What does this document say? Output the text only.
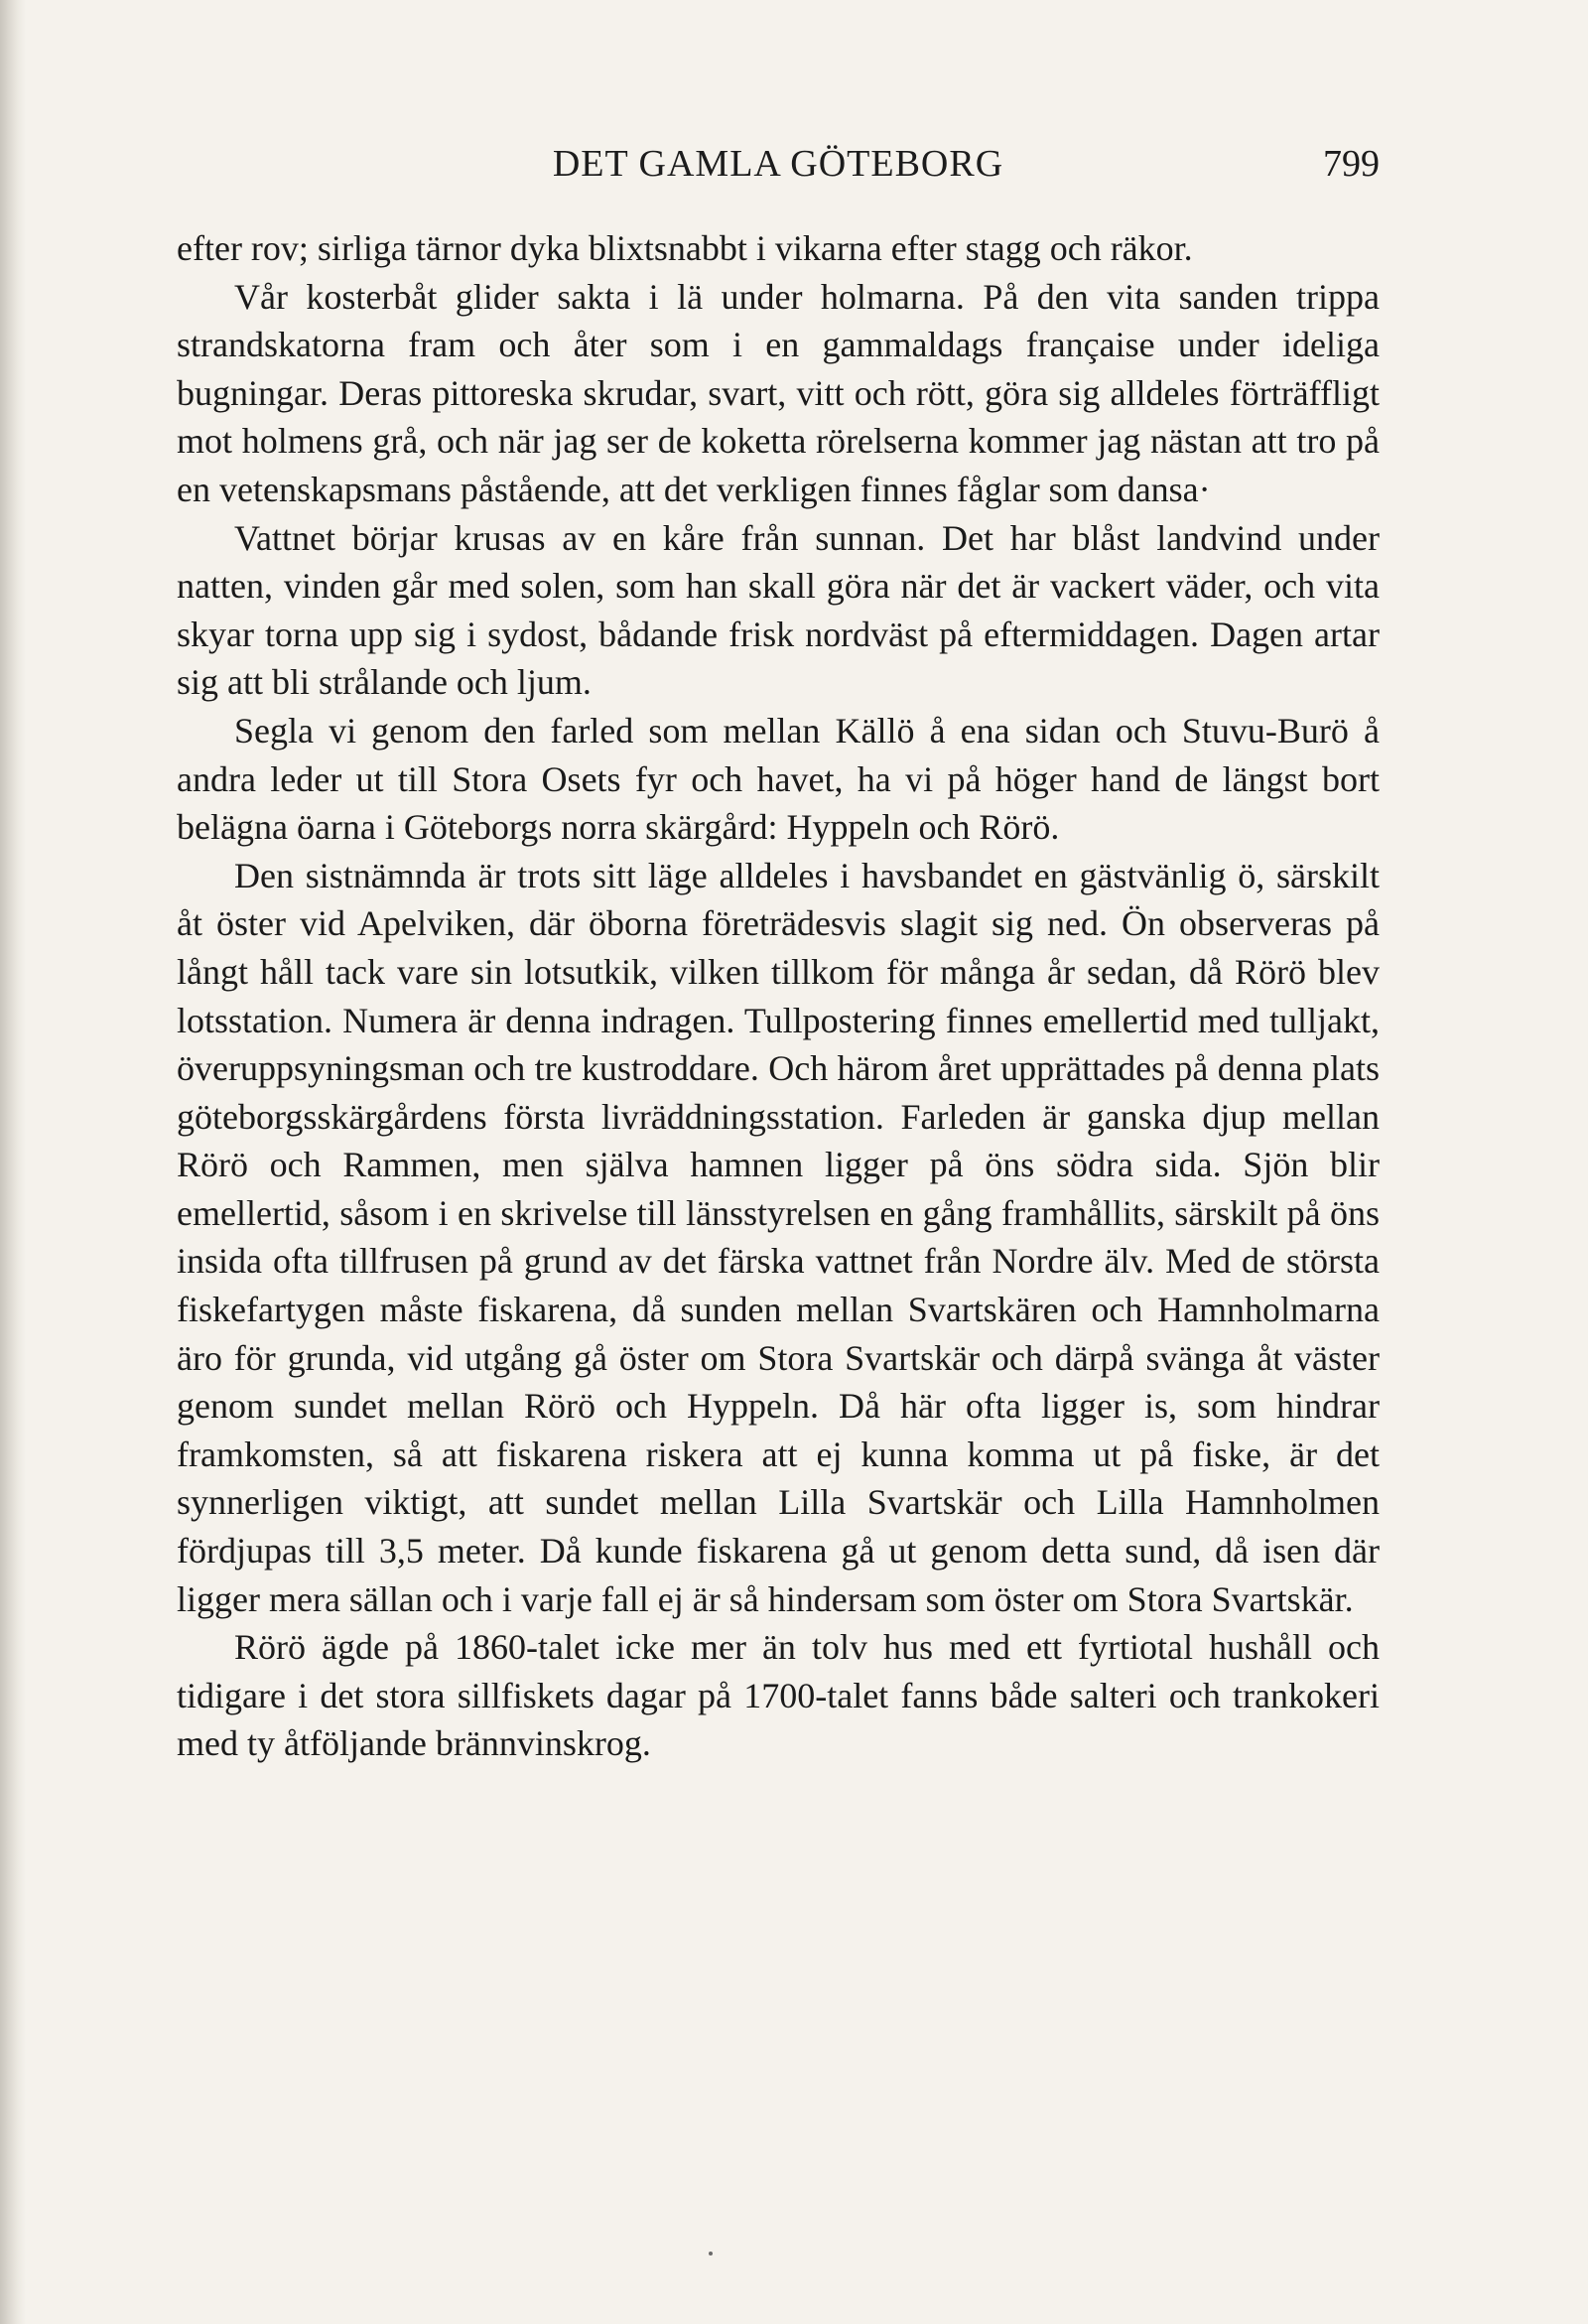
DET GAMLA GÖTEBORG	799

efter rov; sirliga tärnor dyka blixtsnabbt i vikarna efter stagg och räkor.

Vår kosterbåt glider sakta i lä under holmarna. På den vita sanden trippa strandskatorna fram och åter som i en gammaldags française under ideliga bugningar. Deras pittoreska skrudar, svart, vitt och rött, göra sig alldeles förträffligt mot holmens grå, och när jag ser de koketta rörelserna kommer jag nästan att tro på en vetenskapsmans påstående, att det verkligen finnes fåglar som dansa·

Vattnet börjar krusas av en kåre från sunnan. Det har blåst landvind under natten, vinden går med solen, som han skall göra när det är vackert väder, och vita skyar torna upp sig i sydost, bådande frisk nordväst på eftermiddagen. Dagen artar sig att bli strålande och ljum.

Segla vi genom den farled som mellan Källö å ena sidan och Stuvu-Burö å andra leder ut till Stora Osets fyr och havet, ha vi på höger hand de längst bort belägna öarna i Göteborgs norra skärgård: Hyppeln och Rörö.

Den sistnämnda är trots sitt läge alldeles i havsbandet en gästvänlig ö, särskilt åt öster vid Apelviken, där öborna företrädesvis slagit sig ned. Ön observeras på långt håll tack vare sin lotsutkik, vilken tillkom för många år sedan, då Rörö blev lotsstation. Numera är denna indragen. Tullpostering finnes emellertid med tulljakt, överuppsyningsman och tre kustroddare. Och härom året upprättades på denna plats göteborgsskärgårdens första livräddningsstation. Farleden är ganska djup mellan Rörö och Rammen, men själva hamnen ligger på öns södra sida. Sjön blir emellertid, såsom i en skrivelse till länsstyrelsen en gång framhållits, särskilt på öns insida ofta tillfrusen på grund av det färska vattnet från Nordre älv. Med de största fiskefartygen måste fiskarena, då sunden mellan Svartskären och Hamnholmarna äro för grunda, vid utgång gå öster om Stora Svartskär och därpå svänga åt väster genom sundet mellan Rörö och Hyppeln. Då här ofta ligger is, som hindrar framkomsten, så att fiskarena riskera att ej kunna komma ut på fiske, är det synnerligen viktigt, att sundet mellan Lilla Svartskär och Lilla Hamnholmen fördjupas till 3,5 meter. Då kunde fiskarena gå ut genom detta sund, då isen där ligger mera sällan och i varje fall ej är så hindersam som öster om Stora Svartskär.

Rörö ägde på 1860-talet icke mer än tolv hus med ett fyrtiotal hushåll och tidigare i det stora sillfiskets dagar på 1700-talet fanns både salteri och trankokeri med ty åtföljande brännvinskrog.
